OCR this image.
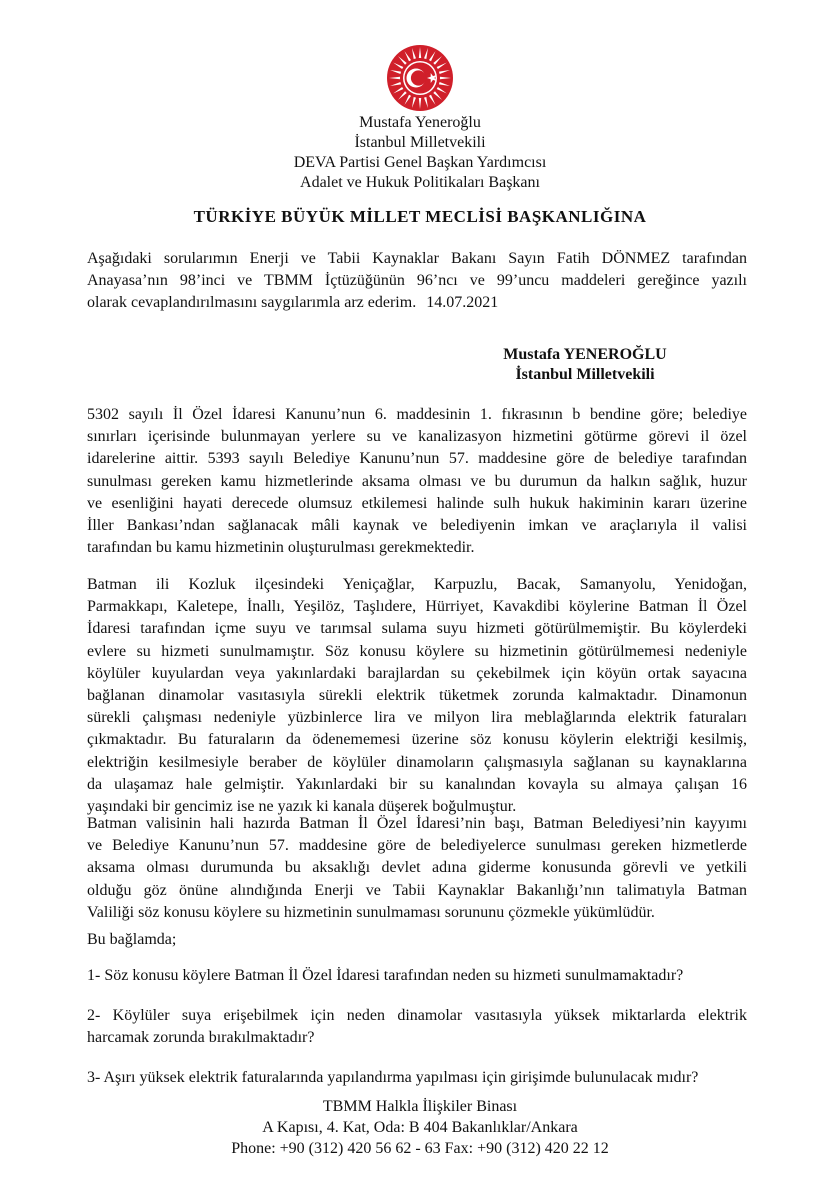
Mustafa Yeneroğlu
İstanbul Milletvekili
DEVA Partisi Genel Başkan Yardımcısı
Adalet ve Hukuk Politikaları Başkanı
TÜRKİYE BÜYÜK MİLLET MECLİSİ BAŞKANLIĞINA
Aşağıdaki sorularımın Enerji ve Tabii Kaynaklar Bakanı Sayın Fatih DÖNMEZ tarafından
Anayasa’nın 98’inci ve TBMM İçtüzüğünün 96’ncı ve 99’uncu maddeleri gereğince yazılı
olarak cevaplandırılmasını saygılarımla arz ederim. 14.07.2021
Mustafa YENEROĞLU
İstanbul Milletvekili
5302 sayılı İl Özel İdaresi Kanunu’nun 6. maddesinin 1. fıkrasının b bendine göre; belediye
sınırları içerisinde bulunmayan yerlere su ve kanalizasyon hizmetini götürme görevi il özel
idarelerine aittir. 5393 sayılı Belediye Kanunu’nun 57. maddesine göre de belediye tarafından
sunulması gereken kamu hizmetlerinde aksama olması ve bu durumun da halkın sağlık, huzur
ve esenliğini hayati derecede olumsuz etkilemesi halinde sulh hukuk hakiminin kararı üzerine
İller Bankası’ndan sağlanacak mâli kaynak ve belediyenin imkan ve araçlarıyla il valisi
tarafından bu kamu hizmetinin oluşturulması gerekmektedir.
Batman ili Kozluk ilçesindeki Yeniçağlar, Karpuzlu, Bacak, Samanyolu, Yenidoğan,
Parmakkapı, Kaletepe, İnallı, Yeşilöz, Taşlıdere, Hürriyet, Kavakdibi köylerine Batman İl Özel
İdaresi tarafından içme suyu ve tarımsal sulama suyu hizmeti götürülmemiştir. Bu köylerdeki
evlere su hizmeti sunulmamıştır. Söz konusu köylere su hizmetinin götürülmemesi nedeniyle
köylüler kuyulardan veya yakınlardaki barajlardan su çekebilmek için köyün ortak sayacına
bağlanan dinamolar vasıtasıyla sürekli elektrik tüketmek zorunda kalmaktadır. Dinamonun
sürekli çalışması nedeniyle yüzbinlerce lira ve milyon lira meblağlarında elektrik faturaları
çıkmaktadır. Bu faturaların da ödenememesi üzerine söz konusu köylerin elektriği kesilmiş,
elektriğin kesilmesiyle beraber de köylüler dinamoların çalışmasıyla sağlanan su kaynaklarına
da ulaşamaz hale gelmiştir. Yakınlardaki bir su kanalından kovayla su almaya çalışan 16
yaşındaki bir gencimiz ise ne yazık ki kanala düşerek boğulmuştur.
Batman valisinin hali hazırda Batman İl Özel İdaresi’nin başı, Batman Belediyesi’nin kayyımı
ve Belediye Kanunu’nun 57. maddesine göre de belediyelerce sunulması gereken hizmetlerde
aksama olması durumunda bu aksaklığı devlet adına giderme konusunda görevli ve yetkili
olduğu göz önüne alındığında Enerji ve Tabii Kaynaklar Bakanlığı’nın talimatıyla Batman
Valiliği söz konusu köylere su hizmetinin sunulmaması sorununu çözmekle yükümlüdür.
Bu bağlamda;
1- Söz konusu köylere Batman İl Özel İdaresi tarafından neden su hizmeti sunulmamaktadır?
2- Köylüler suya erişebilmek için neden dinamolar vasıtasıyla yüksek miktarlarda elektrik
harcamak zorunda bırakılmaktadır?
3- Aşırı yüksek elektrik faturalarında yapılandırma yapılması için girişimde bulunulacak mıdır?
TBMM Halkla İlişkiler Binası
A Kapısı, 4. Kat, Oda: B 404 Bakanlıklar/Ankara
Phone: +90 (312) 420 56 62 - 63 Fax: +90 (312) 420 22 12
